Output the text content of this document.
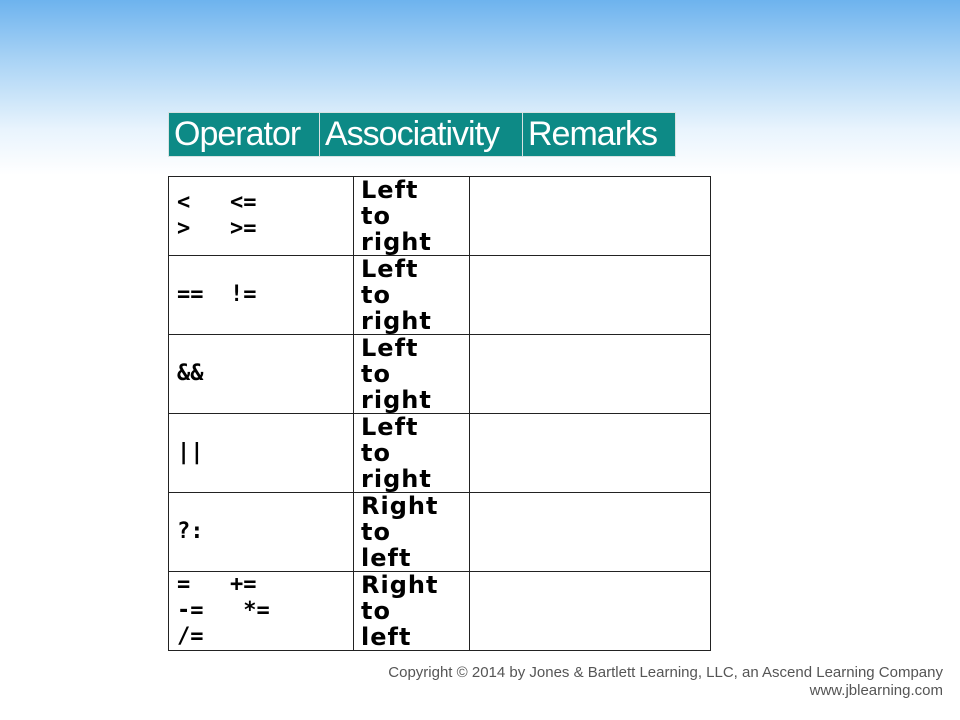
Operator	Associativity	Remarks
<   <=
>   >=	Left
to
right	

==  !=	Left
to
right	

&&	Left
to
right	

||	Left
to
right	

?:	Right
to
left	

=   +=
-=   *=
/=	Right
to
left	

Copyright © 2014 by Jones & Bartlett Learning, LLC, an Ascend Learning Company
www.jblearning.com
